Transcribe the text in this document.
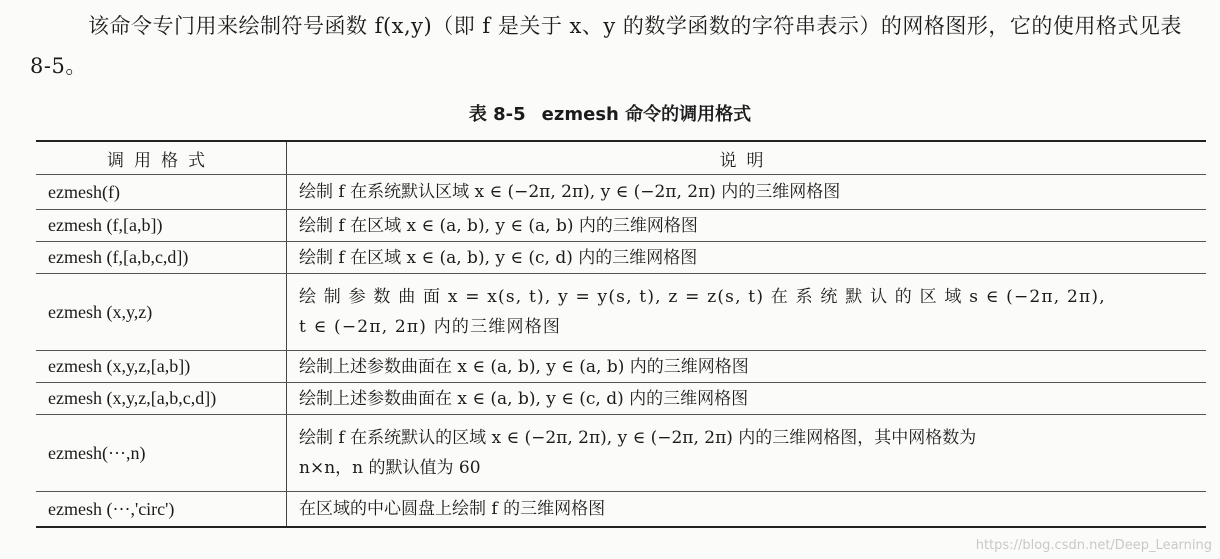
该命令专门用来绘制符号函数 f(x,y)（即 f 是关于 x、y 的数学函数的字符串表示）的网格图形，它的使用格式见表 8-5。
表 8-5 ezmesh 命令的调用格式
调用格式	说明
ezmesh(f)	绘制 f 在系统默认区域 x ∈ (−2π, 2π), y ∈ (−2π, 2π) 内的三维网格图

ezmesh (f,[a,b])	绘制 f 在区域 x ∈ (a, b), y ∈ (a, b) 内的三维网格图

ezmesh (f,[a,b,c,d])	绘制 f 在区域 x ∈ (a, b), y ∈ (c, d) 内的三维网格图

ezmesh (x,y,z)	绘 制 参 数 曲 面 x = x(s, t), y = y(s, t), z = z(s, t) 在 系 统 默 认 的 区 域 s ∈ (−2π, 2π),
t ∈ (−2π, 2π) 内的三维网格图

ezmesh (x,y,z,[a,b])	绘制上述参数曲面在 x ∈ (a, b), y ∈ (a, b) 内的三维网格图

ezmesh (x,y,z,[a,b,c,d])	绘制上述参数曲面在 x ∈ (a, b), y ∈ (c, d) 内的三维网格图

ezmesh(···,n)	绘制 f 在系统默认的区域 x ∈ (−2π, 2π), y ∈ (−2π, 2π) 内的三维网格图，其中网格数为
n×n，n 的默认值为 60

ezmesh (···,'circ')	在区域的中心圆盘上绘制 f 的三维网格图
https://blog.csdn.net/Deep_Learning
